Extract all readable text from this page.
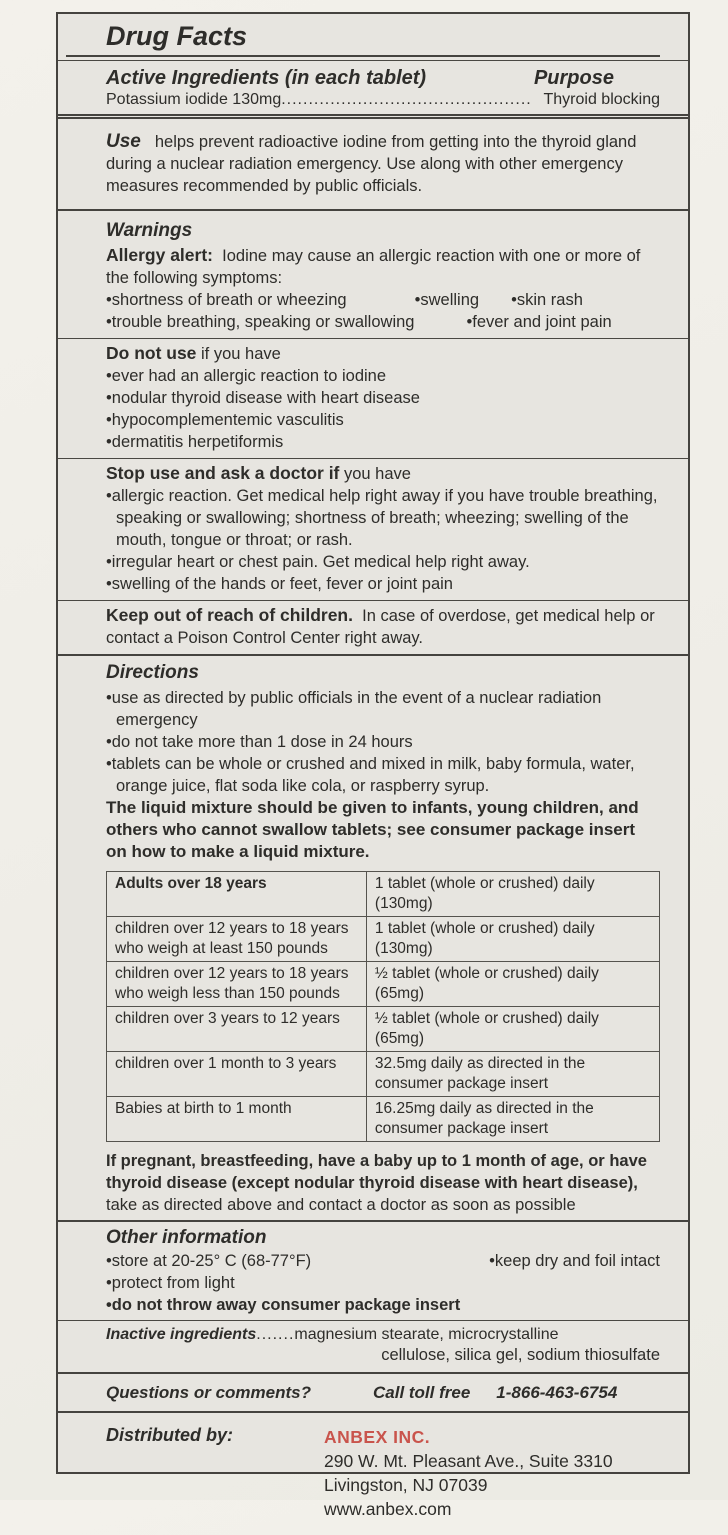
Drug Facts
Active Ingredients (in each tablet)	Purpose
Potassium iodide 130mg .............................................. Thyroid blocking

Use helps prevent radioactive iodine from getting into the thyroid gland during a nuclear radiation emergency. Use along with other emergency measures recommended by public officials.

Warnings

Allergy alert: Iodine may cause an allergic reaction with one or more of the following symptoms:

•shortness of breath or wheezing	•swelling •skin rash

•trouble breathing, speaking or swallowing	•fever and joint pain

Do not use if you have

•ever had an allergic reaction to iodine

•nodular thyroid disease with heart disease

•hypocomplementemic vasculitis

•dermatitis herpetiformis

Stop use and ask a doctor if you have

•allergic reaction. Get medical help right away if you have trouble breathing, speaking or swallowing; shortness of breath; wheezing; swelling of the mouth, tongue or throat; or rash.

•irregular heart or chest pain. Get medical help right away.

•swelling of the hands or feet, fever or joint pain

Keep out of reach of children. In case of overdose, get medical help or contact a Poison Control Center right away.

Directions

•use as directed by public officials in the event of a nuclear radiation emergency

•do not take more than 1 dose in 24 hours

•tablets can be whole or crushed and mixed in milk, baby formula, water, orange juice, flat soda like cola, or raspberry syrup.

The liquid mixture should be given to infants, young children, and others who cannot swallow tablets; see consumer package insert on how to make a liquid mixture.

Adults over 18 years	1 tablet (whole or crushed) daily (130mg)
children over 12 years to 18 years who weigh at least 150 pounds	1 tablet (whole or crushed) daily (130mg)
children over 12 years to 18 years who weigh less than 150 pounds	½ tablet (whole or crushed) daily (65mg)
children over 3 years to 12 years	½ tablet (whole or crushed) daily (65mg)
children over 1 month to 3 years	32.5mg daily as directed in the consumer package insert
Babies at birth to 1 month	16.25mg daily as directed in the consumer package insert

If pregnant, breastfeeding, have a baby up to 1 month of age, or have thyroid disease (except nodular thyroid disease with heart disease), take as directed above and contact a doctor as soon as possible

Other information

•store at 20-25° C (68-77°F)	•keep dry and foil intact

•protect from light

•do not throw away consumer package insert

Inactive ingredients ....... magnesium stearate, microcrystalline

cellulose, silica gel, sodium thiosulfate

Questions or comments?	Call toll free 1-866-463-6754
Distributed by:	ANBEX INC.

290 W. Mt. Pleasant Ave., Suite 3310

Livingston, NJ 07039

www.anbex.com
